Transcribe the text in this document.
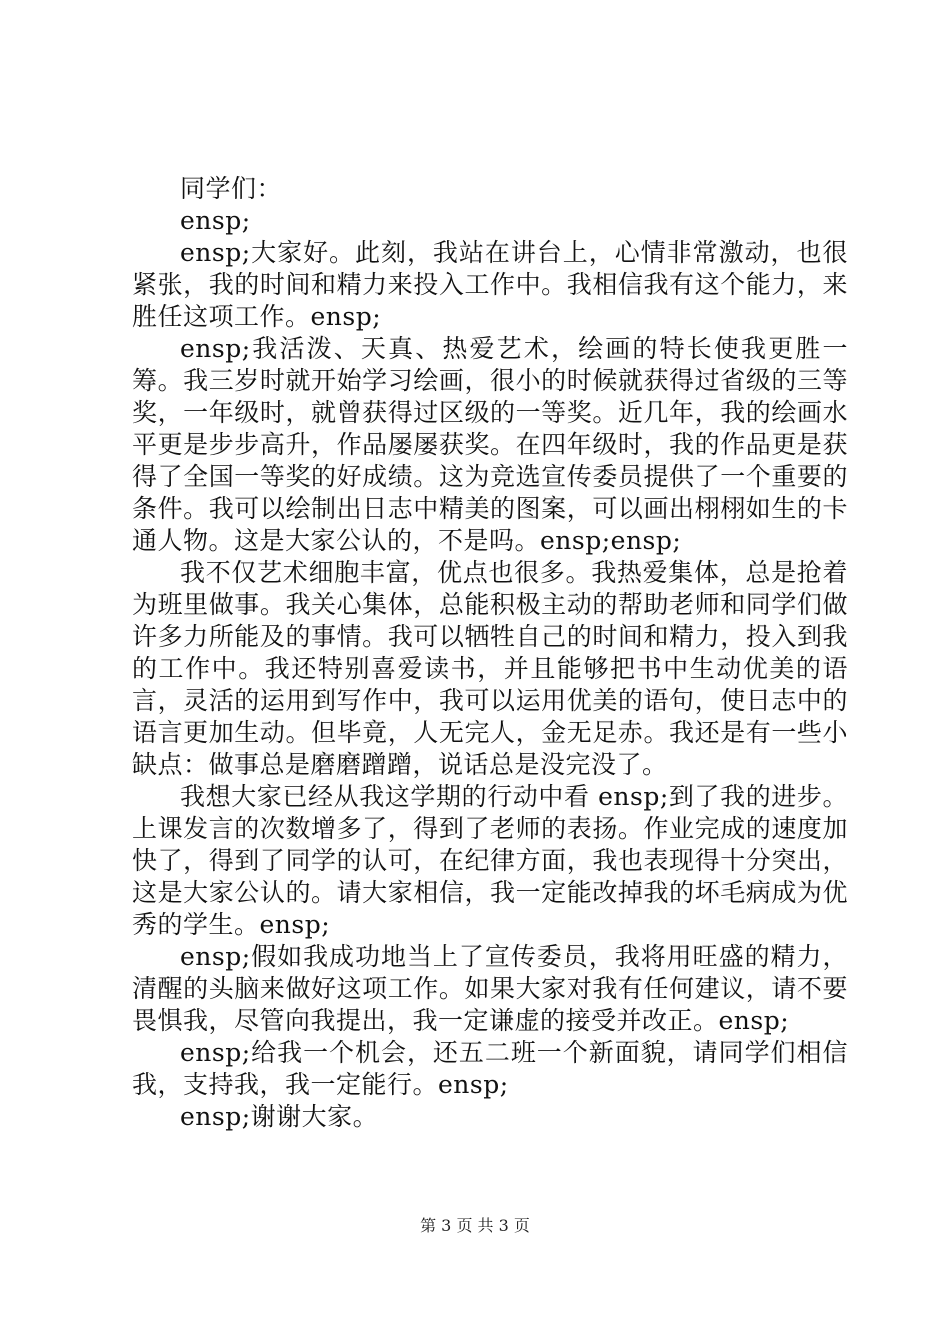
同学们：

ensp;

ensp;大家好。此刻，我站在讲台上，心情非常激动，也很紧张，我的时间和精力来投入工作中。我相信我有这个能力，来胜任这项工作。ensp;

ensp;我活泼、天真、热爱艺术，绘画的特长使我更胜一筹。我三岁时就开始学习绘画，很小的时候就获得过省级的三等奖，一年级时，就曾获得过区级的一等奖。近几年，我的绘画水平更是步步高升，作品屡屡获奖。在四年级时，我的作品更是获得了全国一等奖的好成绩。这为竞选宣传委员提供了一个重要的条件。我可以绘制出日志中精美的图案，可以画出栩栩如生的卡通人物。这是大家公认的，不是吗。ensp;ensp;

我不仅艺术细胞丰富，优点也很多。我热爱集体，总是抢着为班里做事。我关心集体，总能积极主动的帮助老师和同学们做许多力所能及的事情。我可以牺牲自己的时间和精力，投入到我的工作中。我还特别喜爱读书，并且能够把书中生动优美的语言，灵活的运用到写作中，我可以运用优美的语句，使日志中的语言更加生动。但毕竟，人无完人，金无足赤。我还是有一些小缺点：做事总是磨磨蹭蹭，说话总是没完没了。

我想大家已经从我这学期的行动中看 ensp;到了我的进步。上课发言的次数增多了，得到了老师的表扬。作业完成的速度加快了，得到了同学的认可，在纪律方面，我也表现得十分突出，这是大家公认的。请大家相信，我一定能改掉我的坏毛病成为优秀的学生。ensp;

ensp;假如我成功地当上了宣传委员，我将用旺盛的精力，清醒的头脑来做好这项工作。如果大家对我有任何建议，请不要畏惧我，尽管向我提出，我一定谦虚的接受并改正。ensp;

ensp;给我一个机会，还五二班一个新面貌，请同学们相信我，支持我，我一定能行。ensp;

ensp;谢谢大家。

第 3 页 共 3 页
